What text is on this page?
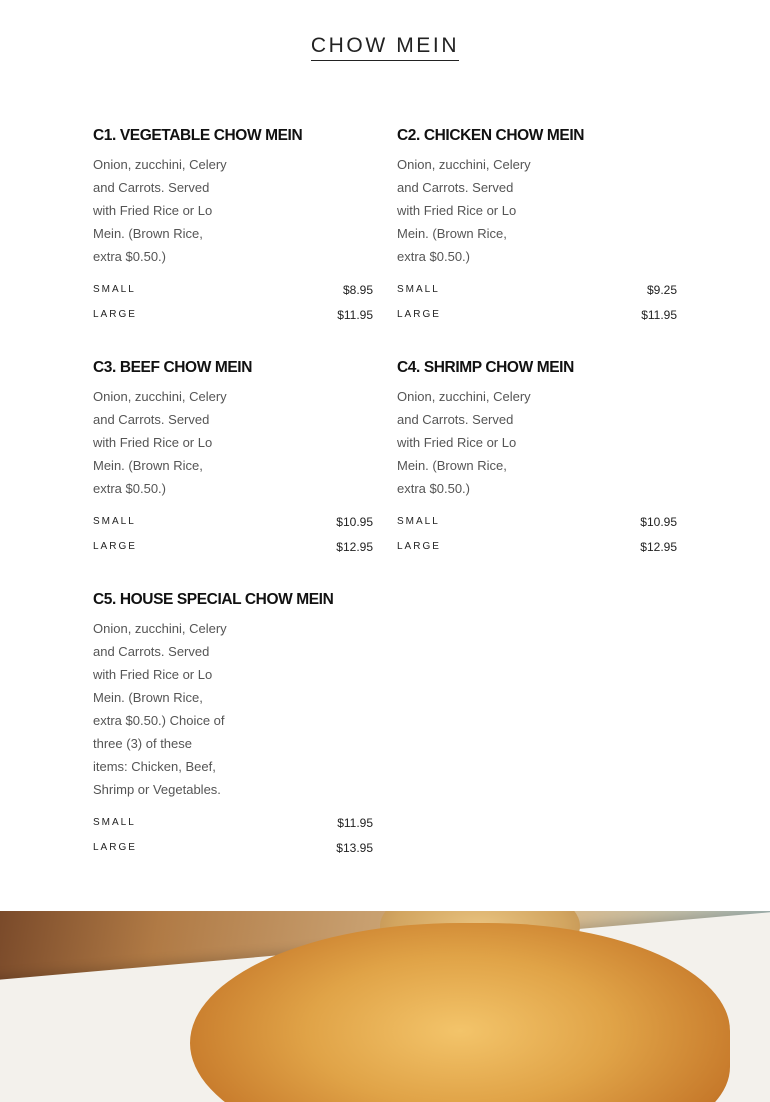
CHOW MEIN
C1. VEGETABLE CHOW MEIN
Onion, zucchini, Celery
and Carrots. Served
with Fried Rice or Lo
Mein. (Brown Rice,
extra $0.50.)
SMALL	$8.95
LARGE	$11.95
C2. CHICKEN CHOW MEIN
Onion, zucchini, Celery
and Carrots. Served
with Fried Rice or Lo
Mein. (Brown Rice,
extra $0.50.)
SMALL	$9.25
LARGE	$11.95
C3. BEEF CHOW MEIN
Onion, zucchini, Celery
and Carrots. Served
with Fried Rice or Lo
Mein. (Brown Rice,
extra $0.50.)
SMALL	$10.95
LARGE	$12.95
C4. SHRIMP CHOW MEIN
Onion, zucchini, Celery
and Carrots. Served
with Fried Rice or Lo
Mein. (Brown Rice,
extra $0.50.)
SMALL	$10.95
LARGE	$12.95
C5. HOUSE SPECIAL CHOW MEIN
Onion, zucchini, Celery
and Carrots. Served
with Fried Rice or Lo
Mein. (Brown Rice,
extra $0.50.) Choice of
three (3) of these
items: Chicken, Beef,
Shrimp or Vegetables.
SMALL	$11.95
LARGE	$13.95
